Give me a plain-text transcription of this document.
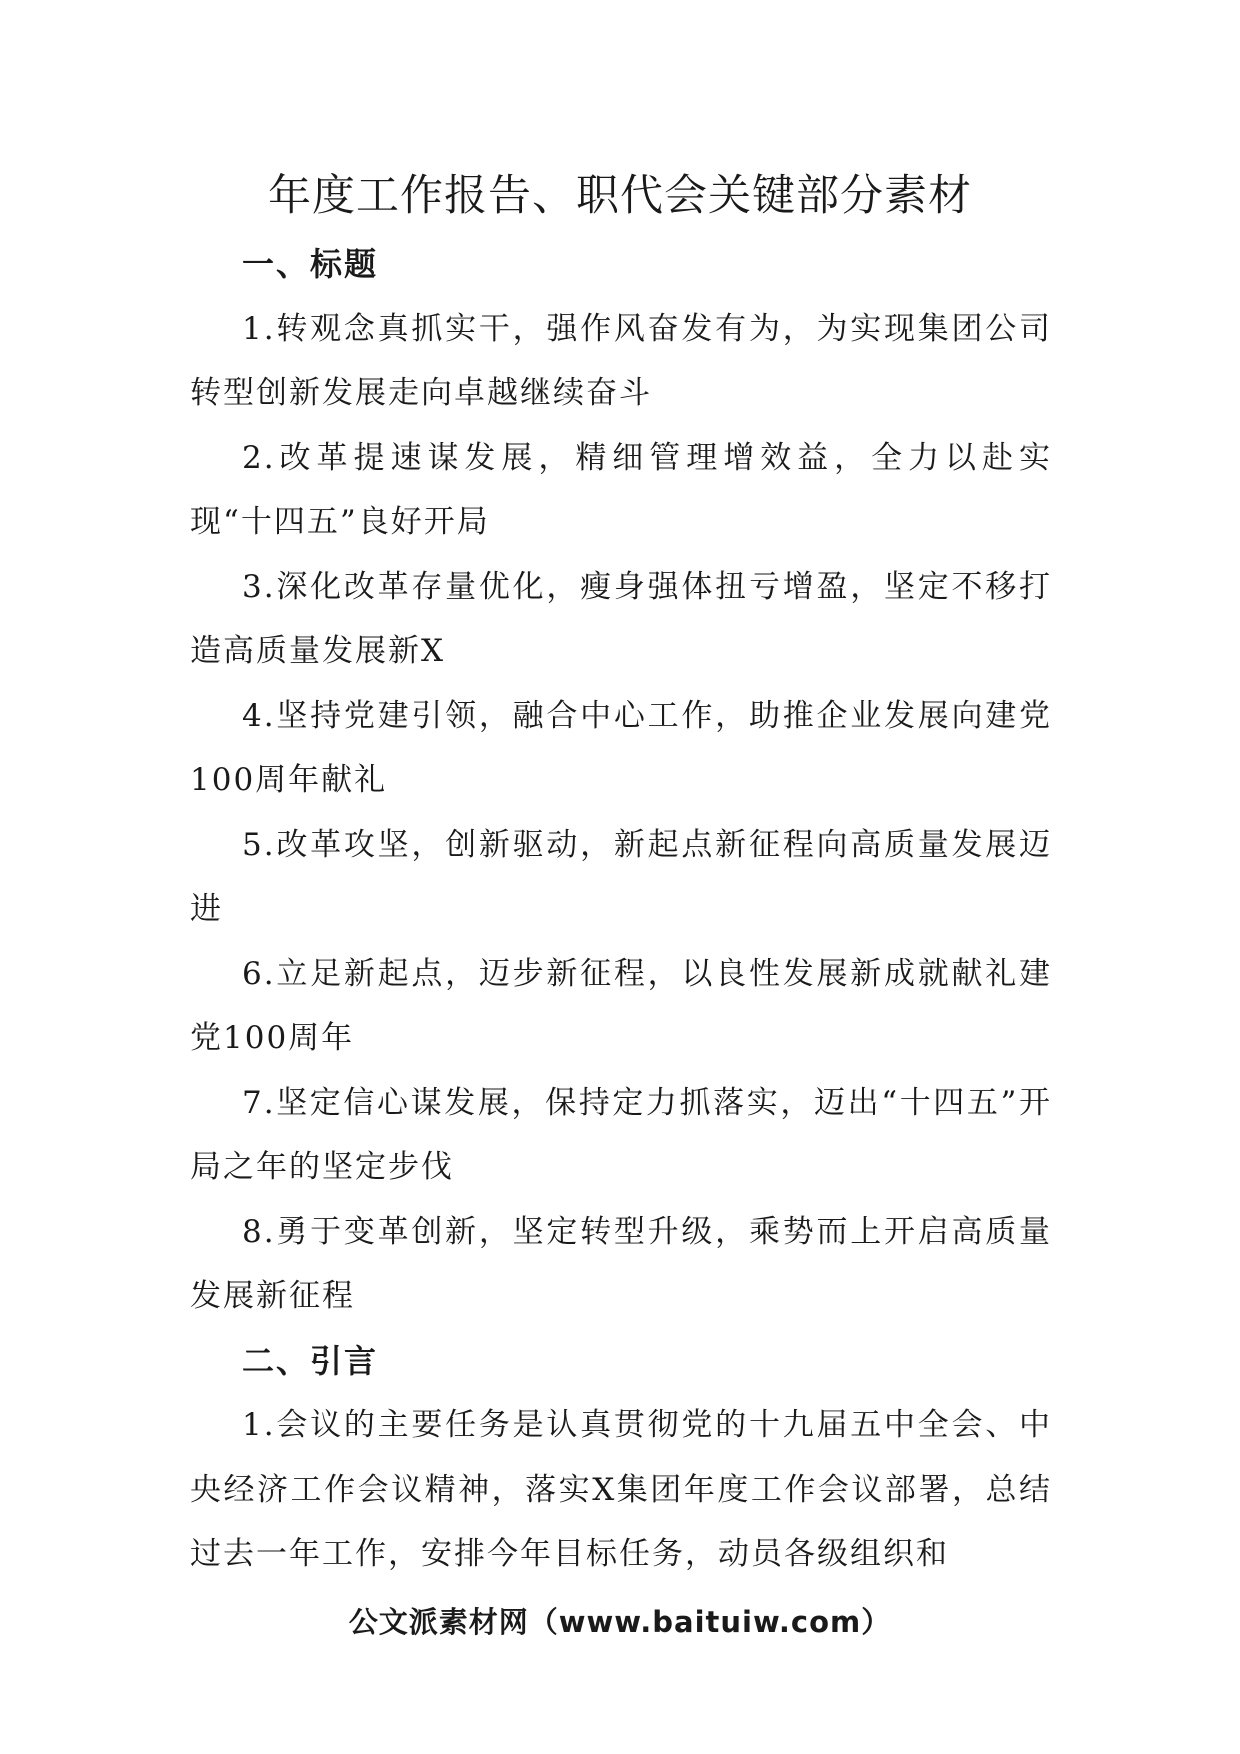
年度工作报告、职代会关键部分素材
一、标题

1.转观念真抓实干，强作风奋发有为，为实现集团公司转型创新发展走向卓越继续奋斗

2.改革提速谋发展，精细管理增效益，全力以赴实现“十四五”良好开局

3.深化改革存量优化，瘦身强体扭亏增盈，坚定不移打造高质量发展新X

4.坚持党建引领，融合中心工作，助推企业发展向建党100周年献礼

5.改革攻坚，创新驱动，新起点新征程向高质量发展迈进

6.立足新起点，迈步新征程，以良性发展新成就献礼建党100周年

7.坚定信心谋发展，保持定力抓落实，迈出“十四五”开局之年的坚定步伐

8.勇于变革创新，坚定转型升级，乘势而上开启高质量发展新征程

二、引言

1.会议的主要任务是认真贯彻党的十九届五中全会、中央经济工作会议精神，落实X集团年度工作会议部署，总结过去一年工作，安排今年目标任务，动员各级组织和

公文派素材网（www.baituiw.com）
